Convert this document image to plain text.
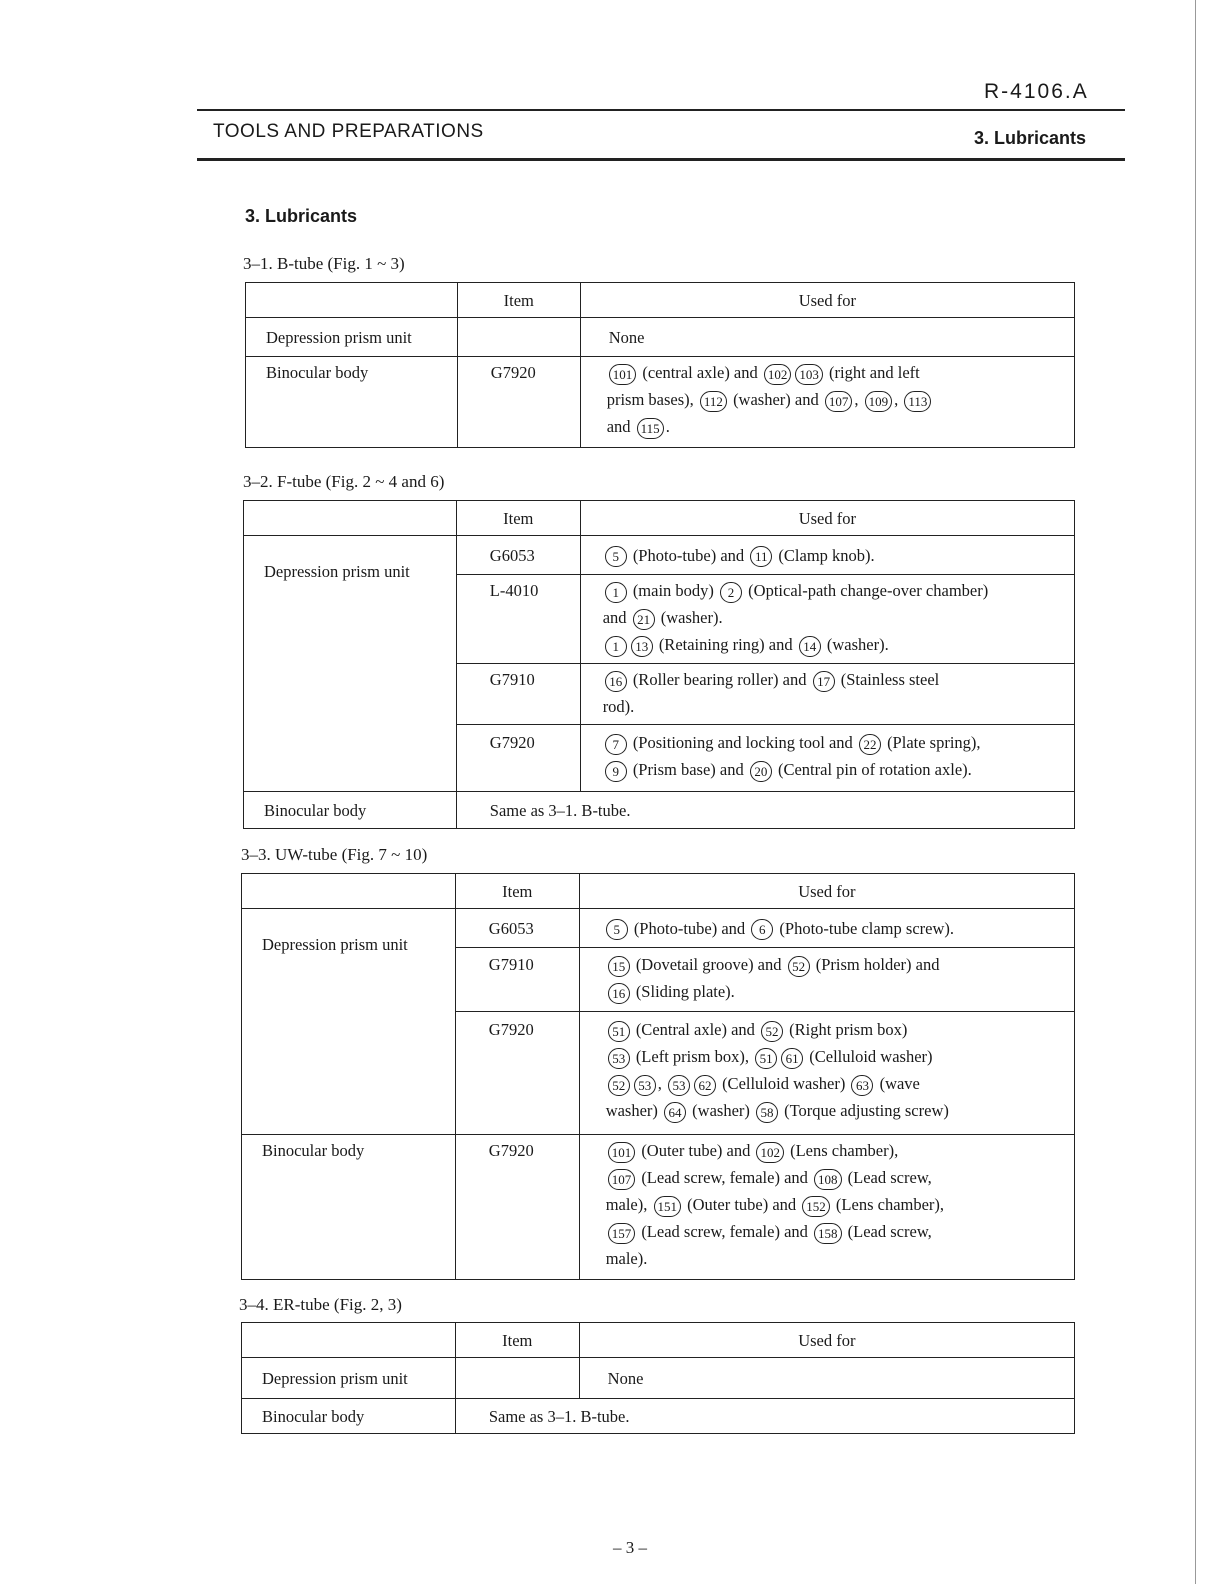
R-4106.A
TOOLS AND PREPARATIONS	3. Lubricants
3. Lubricants
3–1. B-tube (Fig. 1 ~ 3)
	Item	Used for
Depression prism unit		None

Binocular body	G7920	101 (central axle) and 102 103 (right and left
prism bases), 112 (washer) and 107 , 109 , 113
and 115 .
3–2. F-tube (Fig. 2 ~ 4 and 6)
	Item	Used for
Depression prism unit	G6053	5 (Photo-tube) and 11 (Clamp knob).

	L-4010	1 (main body) 2 (Optical-path change-over chamber)
and 21 (washer).
1 13 (Retaining ring) and 14 (washer).

	G7910	16 (Roller bearing roller) and 17 (Stainless steel
rod).

	G7920	7 (Positioning and locking tool and 22 (Plate spring),
9 (Prism base) and 20 (Central pin of rotation axle).

Binocular body	Same as 3–1. B-tube.	
3–3. UW-tube (Fig. 7 ~ 10)
	Item	Used for
Depression prism unit	G6053	5 (Photo-tube) and 6 (Photo-tube clamp screw).

	G7910	15 (Dovetail groove) and 52 (Prism holder) and
16 (Sliding plate).

	G7920	51 (Central axle) and 52 (Right prism box)
53 (Left prism box), 51 61 (Celluloid washer)
52 53 , 53 62 (Celluloid washer) 63 (wave
washer) 64 (washer) 58 (Torque adjusting screw)

Binocular body	G7920	101 (Outer tube) and 102 (Lens chamber),
107 (Lead screw, female) and 108 (Lead screw,
male), 151 (Outer tube) and 152 (Lens chamber),
157 (Lead screw, female) and 158 (Lead screw,
male).
3–4. ER-tube (Fig. 2, 3)
	Item	Used for
Depression prism unit		None

Binocular body	Same as 3–1. B-tube.	
– 3 –
